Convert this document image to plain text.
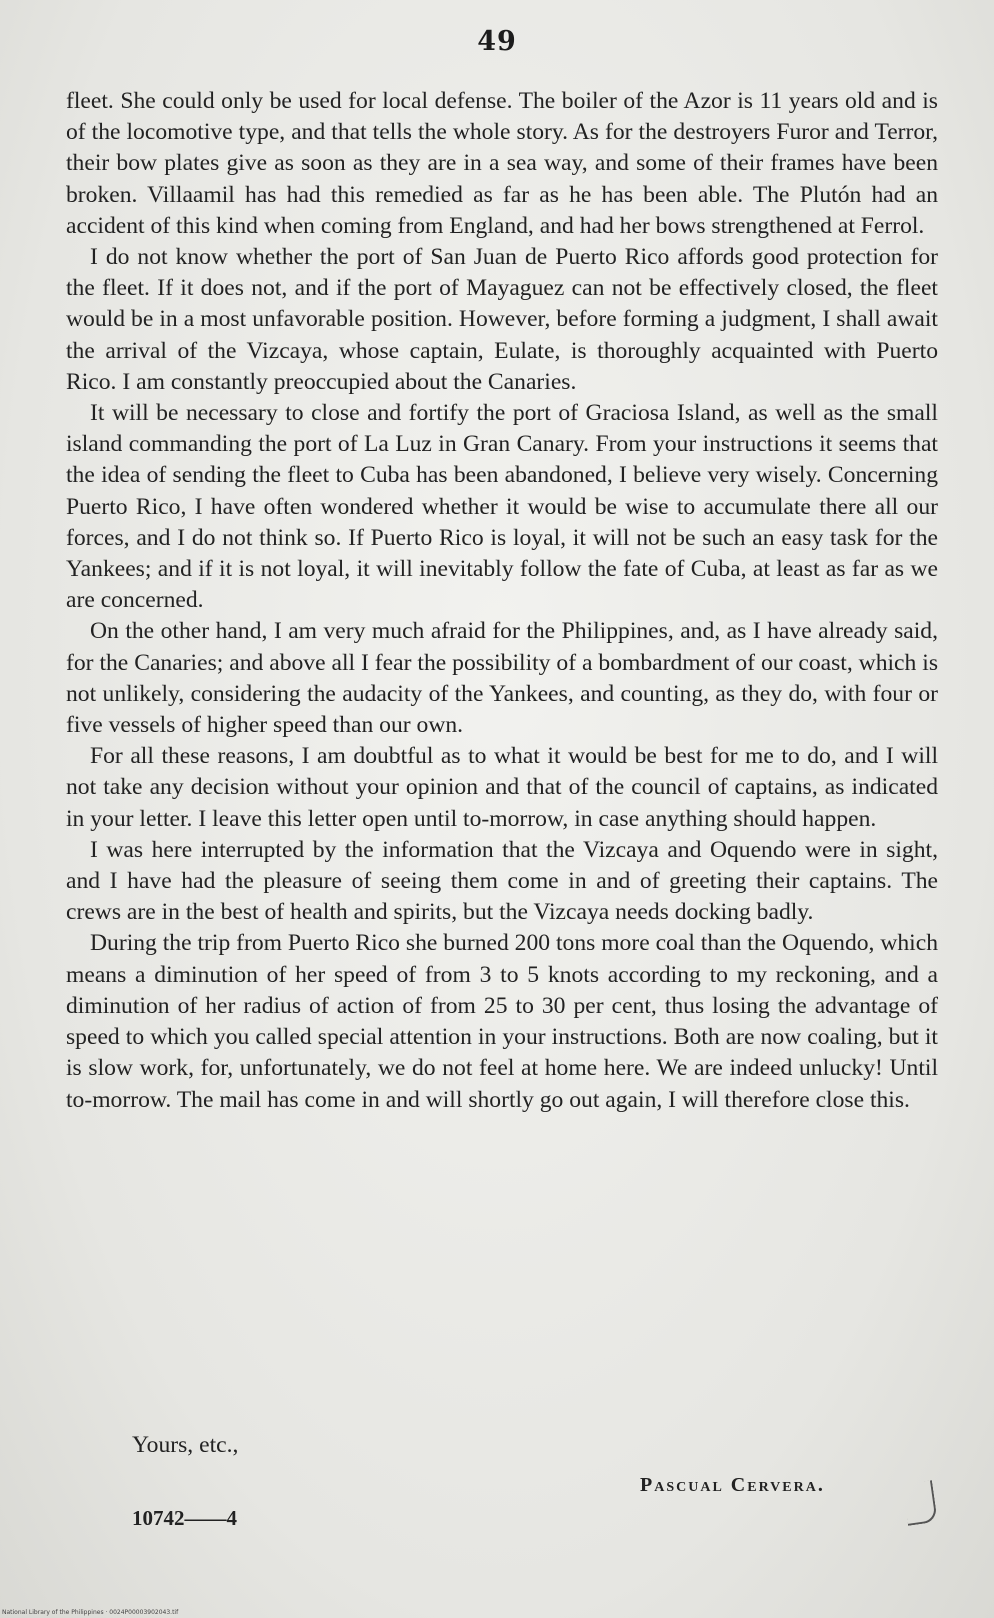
49

fleet. She could only be used for local defense. The boiler of the Azor is 11 years old and is of the locomotive type, and that tells the whole story. As for the destroyers Furor and Terror, their bow plates give as soon as they are in a sea way, and some of their frames have been broken. Villaamil has had this remedied as far as he has been able. The Plutón had an accident of this kind when coming from England, and had her bows strengthened at Ferrol.

I do not know whether the port of San Juan de Puerto Rico affords good protection for the fleet. If it does not, and if the port of Mayaguez can not be effectively closed, the fleet would be in a most unfavorable position. However, before forming a judgment, I shall await the arrival of the Vizcaya, whose captain, Eulate, is thoroughly acquainted with Puerto Rico. I am constantly preoccupied about the Canaries.

It will be necessary to close and fortify the port of Graciosa Island, as well as the small island commanding the port of La Luz in Gran Canary. From your instructions it seems that the idea of sending the fleet to Cuba has been abandoned, I believe very wisely. Concerning Puerto Rico, I have often wondered whether it would be wise to accumulate there all our forces, and I do not think so. If Puerto Rico is loyal, it will not be such an easy task for the Yankees; and if it is not loyal, it will inevitably follow the fate of Cuba, at least as far as we are concerned.

On the other hand, I am very much afraid for the Philippines, and, as I have already said, for the Canaries; and above all I fear the possibility of a bombardment of our coast, which is not unlikely, considering the audacity of the Yankees, and counting, as they do, with four or five vessels of higher speed than our own.

For all these reasons, I am doubtful as to what it would be best for me to do, and I will not take any decision without your opinion and that of the council of captains, as indicated in your letter. I leave this letter open until to-morrow, in case anything should happen.

I was here interrupted by the information that the Vizcaya and Oquendo were in sight, and I have had the pleasure of seeing them come in and of greeting their captains. The crews are in the best of health and spirits, but the Vizcaya needs docking badly.

During the trip from Puerto Rico she burned 200 tons more coal than the Oquendo, which means a diminution of her speed of from 3 to 5 knots according to my reckoning, and a diminution of her radius of action of from 25 to 30 per cent, thus losing the advantage of speed to which you called special attention in your instructions. Both are now coaling, but it is slow work, for, unfortunately, we do not feel at home here. We are indeed unlucky! Until to-morrow. The mail has come in and will shortly go out again, I will therefore close this.

Yours, etc.,
Pascual Cervera.
10742——4
National Library of the Philippines · 0024P00003902043.tif
